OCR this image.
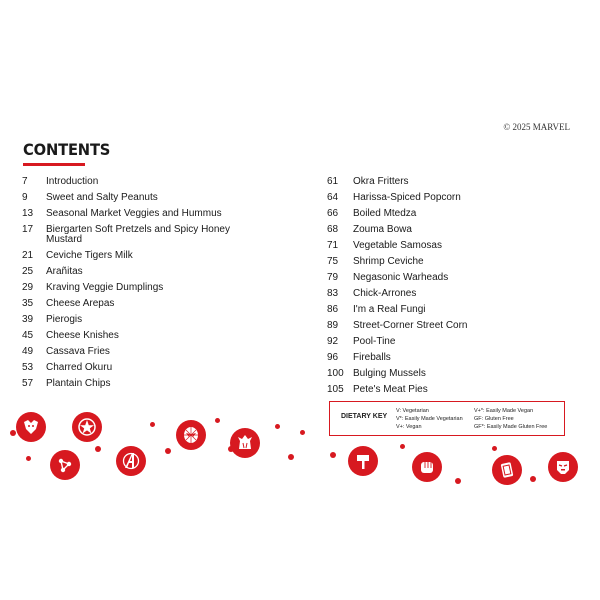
© 2025 MARVEL
CONTENTS
7	Introduction
9	Sweet and Salty Peanuts
13	Seasonal Market Veggies and Hummus
17	Biergarten Soft Pretzels and Spicy Honey Mustard
21	Ceviche Tigers Milk
25	Arañitas
29	Kraving Veggie Dumplings
35	Cheese Arepas
39	Pierogis
45	Cheese Knishes
49	Cassava Fries
53	Charred Okuru
57	Plantain Chips
61	Okra Fritters
64	Harissa-Spiced Popcorn
66	Boiled Mtedza
68	Zouma Bowa
71	Vegetable Samosas
75	Shrimp Ceviche
79	Negasonic Warheads
83	Chick-Arrones
86	I'm a Real Fungi
89	Street-Corner Street Corn
92	Pool-Tine
96	Fireballs
100 Bulging Mussels
105 Pete's Meat Pies
DIETARY KEY
V: Vegetarian
V*: Easily Made Vegetarian
V+: Vegan
V+*: Easily Made Vegan
GF: Gluten Free
GF*: Easily Made Gluten Free
